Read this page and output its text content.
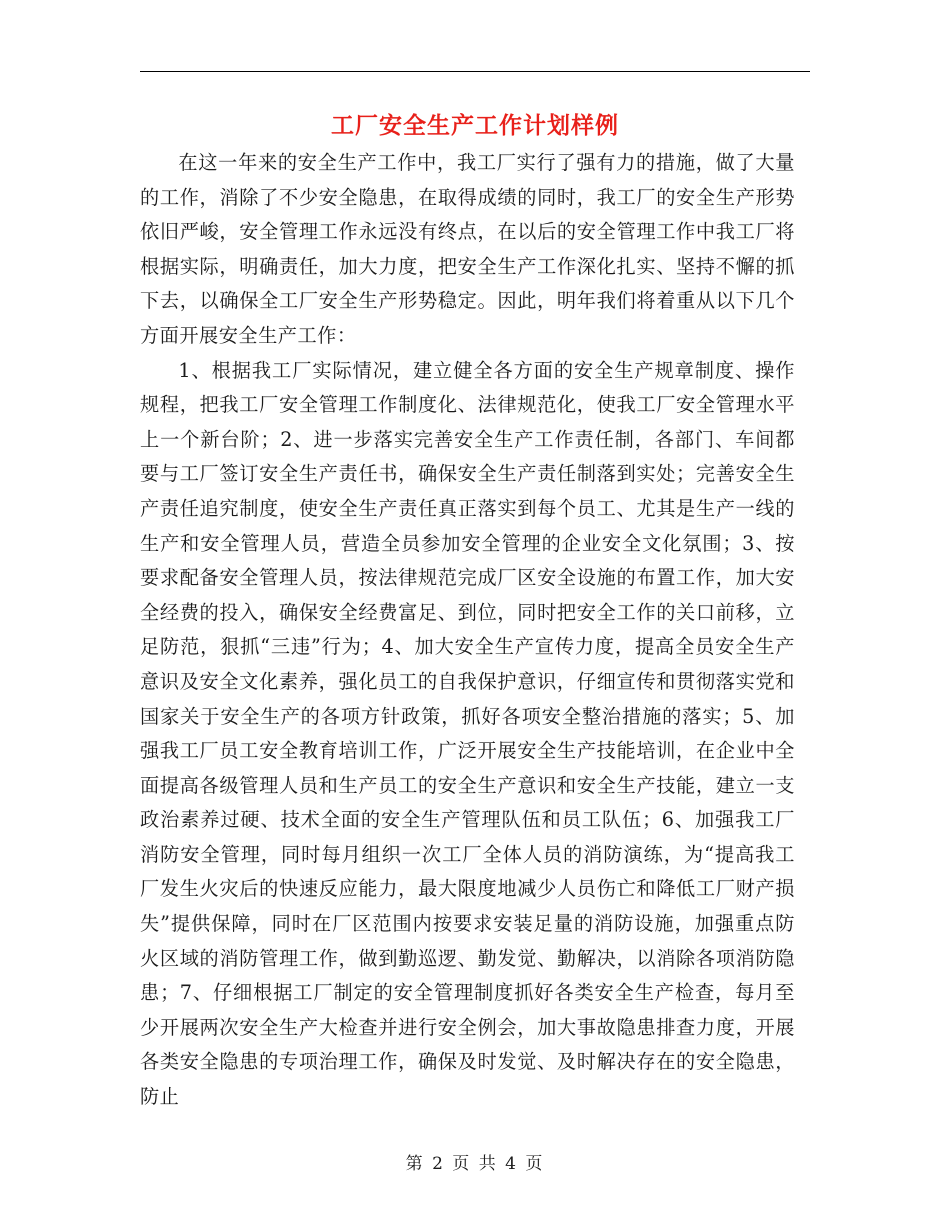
工厂安全生产工作计划样例

在这一年来的安全生产工作中，我工厂实行了强有力的措施，做了大量的工作，消除了不少安全隐患，在取得成绩的同时，我工厂的安全生产形势依旧严峻，安全管理工作永远没有终点，在以后的安全管理工作中我工厂将根据实际，明确责任，加大力度，把安全生产工作深化扎实、坚持不懈的抓下去，以确保全工厂安全生产形势稳定。因此，明年我们将着重从以下几个方面开展安全生产工作：

1、根据我工厂实际情况，建立健全各方面的安全生产规章制度、操作规程，把我工厂安全管理工作制度化、法律规范化，使我工厂安全管理水平上一个新台阶；2、进一步落实完善安全生产工作责任制，各部门、车间都要与工厂签订安全生产责任书，确保安全生产责任制落到实处；完善安全生产责任追究制度，使安全生产责任真正落实到每个员工、尤其是生产一线的生产和安全管理人员，营造全员参加安全管理的企业安全文化氛围；3、按要求配备安全管理人员，按法律规范完成厂区安全设施的布置工作，加大安全经费的投入，确保安全经费富足、到位，同时把安全工作的关口前移，立足防范，狠抓“三违”行为；4、加大安全生产宣传力度，提高全员安全生产意识及安全文化素养，强化员工的自我保护意识，仔细宣传和贯彻落实党和国家关于安全生产的各项方针政策，抓好各项安全整治措施的落实；5、加强我工厂员工安全教育培训工作，广泛开展安全生产技能培训，在企业中全面提高各级管理人员和生产员工的安全生产意识和安全生产技能，建立一支政治素养过硬、技术全面的安全生产管理队伍和员工队伍；6、加强我工厂消防安全管理，同时每月组织一次工厂全体人员的消防演练，为“提高我工厂发生火灾后的快速反应能力，最大限度地减少人员伤亡和降低工厂财产损失”提供保障，同时在厂区范围内按要求安装足量的消防设施，加强重点防火区域的消防管理工作，做到勤巡逻、勤发觉、勤解决，以消除各项消防隐患；7、仔细根据工厂制定的安全管理制度抓好各类安全生产检查，每月至少开展两次安全生产大检查并进行安全例会，加大事故隐患排查力度，开展各类安全隐患的专项治理工作，确保及时发觉、及时解决存在的安全隐患，防止

第 2 页 共 4 页
